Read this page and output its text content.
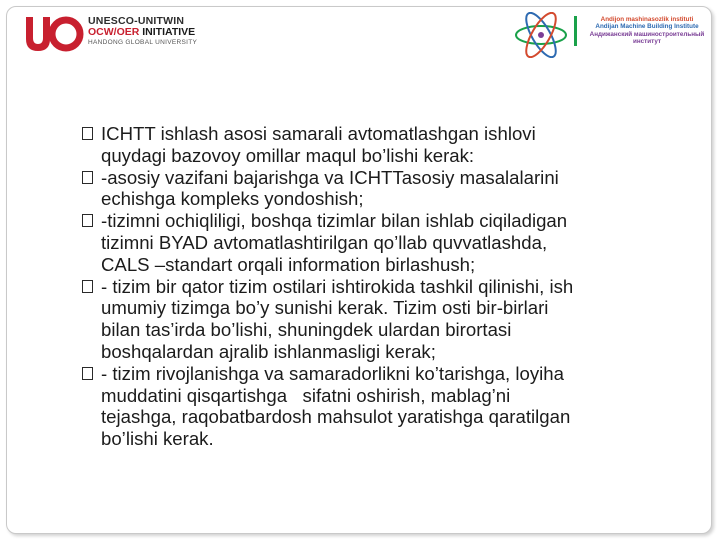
UNESCO-UNITWIN
OCW/OER INITIATIVE
HANDONG GLOBAL UNIVERSITY
Andijon mashinasozlik instituti
Andijan Machine Building Institute
Андижанский машиностроительный
институт
ICHTT ishlash asosi samarali avtomatlashgan ishlovi
quydagi bazovoy omillar maqul bo’lishi kerak:
-asosiy vazifani bajarishga va ICHTTasosiy masalalarini
echishga kompleks yondoshish;
-tizimni ochiqliligi, boshqa tizimlar bilan ishlab ciqiladigan
tizimni BYAD avtomatlashtirilgan qo’llab quvvatlashda,
CALS –standart orqali information birlashush;
- tizim bir qator tizim ostilari ishtirokida tashkil qilinishi, ish
umumiy tizimga bo’y sunishi kerak. Tizim osti bir-birlari
bilan tas’irda bo’lishi, shuningdek ulardan birortasi
boshqalardan ajralib ishlanmasligi kerak;
- tizim rivojlanishga va samaradorlikni ko’tarishga, loyiha
muddatini qisqartishga   sifatni oshirish, mablag’ni
tejashga, raqobatbardosh mahsulot yaratishga qaratilgan
bo’lishi kerak.
